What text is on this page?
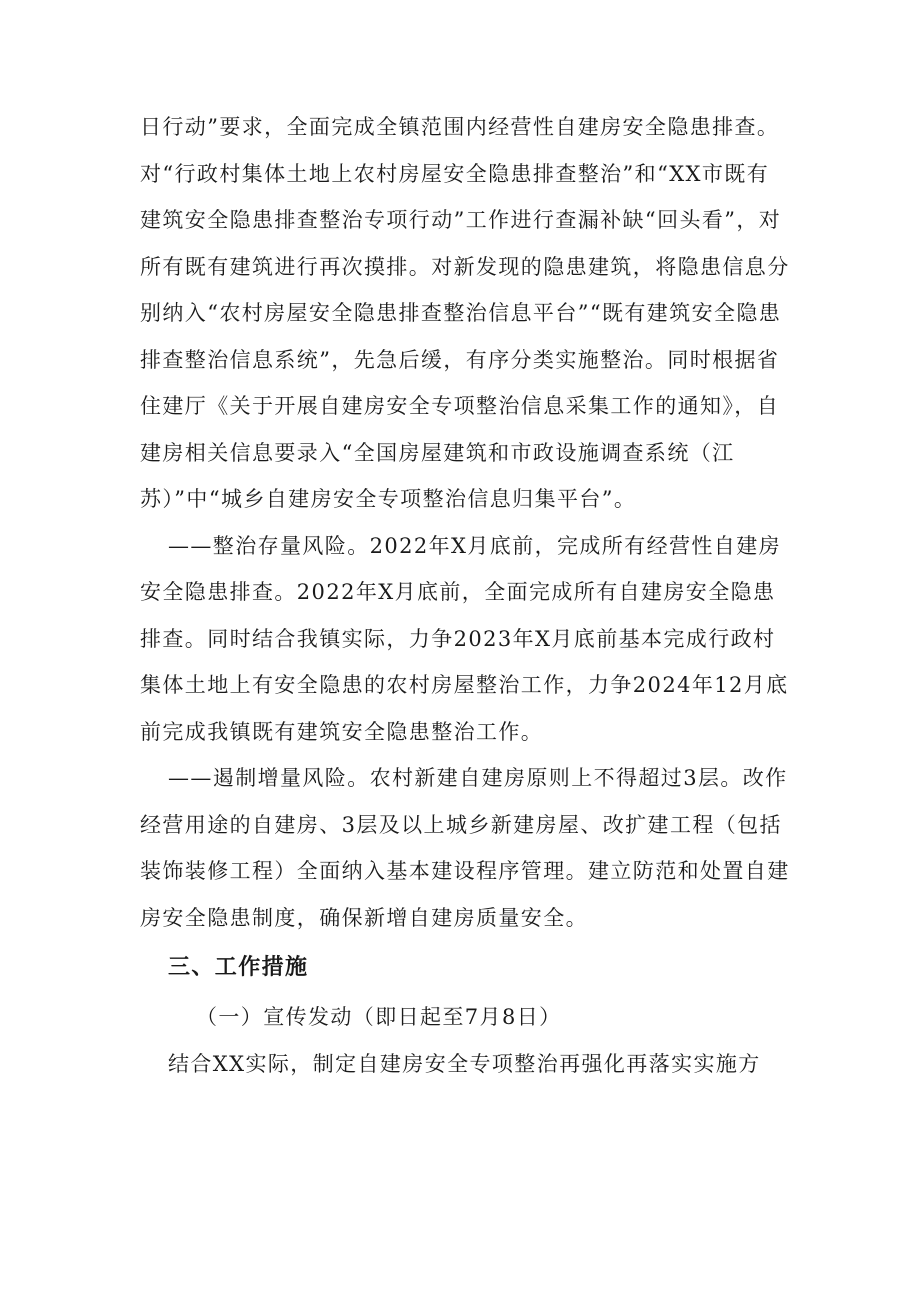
日行动”要求，全面完成全镇范围内经营性自建房安全隐患排查。对“行政村集体土地上农村房屋安全隐患排查整治”和“XX市既有建筑安全隐患排查整治专项行动”工作进行查漏补缺“回头看”，对所有既有建筑进行再次摸排。对新发现的隐患建筑，将隐患信息分别纳入“农村房屋安全隐患排查整治信息平台”“既有建筑安全隐患排查整治信息系统”，先急后缓，有序分类实施整治。同时根据省住建厅《关于开展自建房安全专项整治信息采集工作的通知》，自建房相关信息要录入“全国房屋建筑和市政设施调查系统（江苏）”中“城乡自建房安全专项整治信息归集平台”。

——整治存量风险。2022年X月底前，完成所有经营性自建房安全隐患排查。2022年X月底前，全面完成所有自建房安全隐患排查。同时结合我镇实际，力争2023年X月底前基本完成行政村集体土地上有安全隐患的农村房屋整治工作，力争2024年12月底前完成我镇既有建筑安全隐患整治工作。

——遏制增量风险。农村新建自建房原则上不得超过3层。改作经营用途的自建房、3层及以上城乡新建房屋、改扩建工程（包括装饰装修工程）全面纳入基本建设程序管理。建立防范和处置自建房安全隐患制度，确保新增自建房质量安全。

三、工作措施

（一）宣传发动（即日起至7月8日）

结合XX实际，制定自建房安全专项整治再强化再落实实施方
